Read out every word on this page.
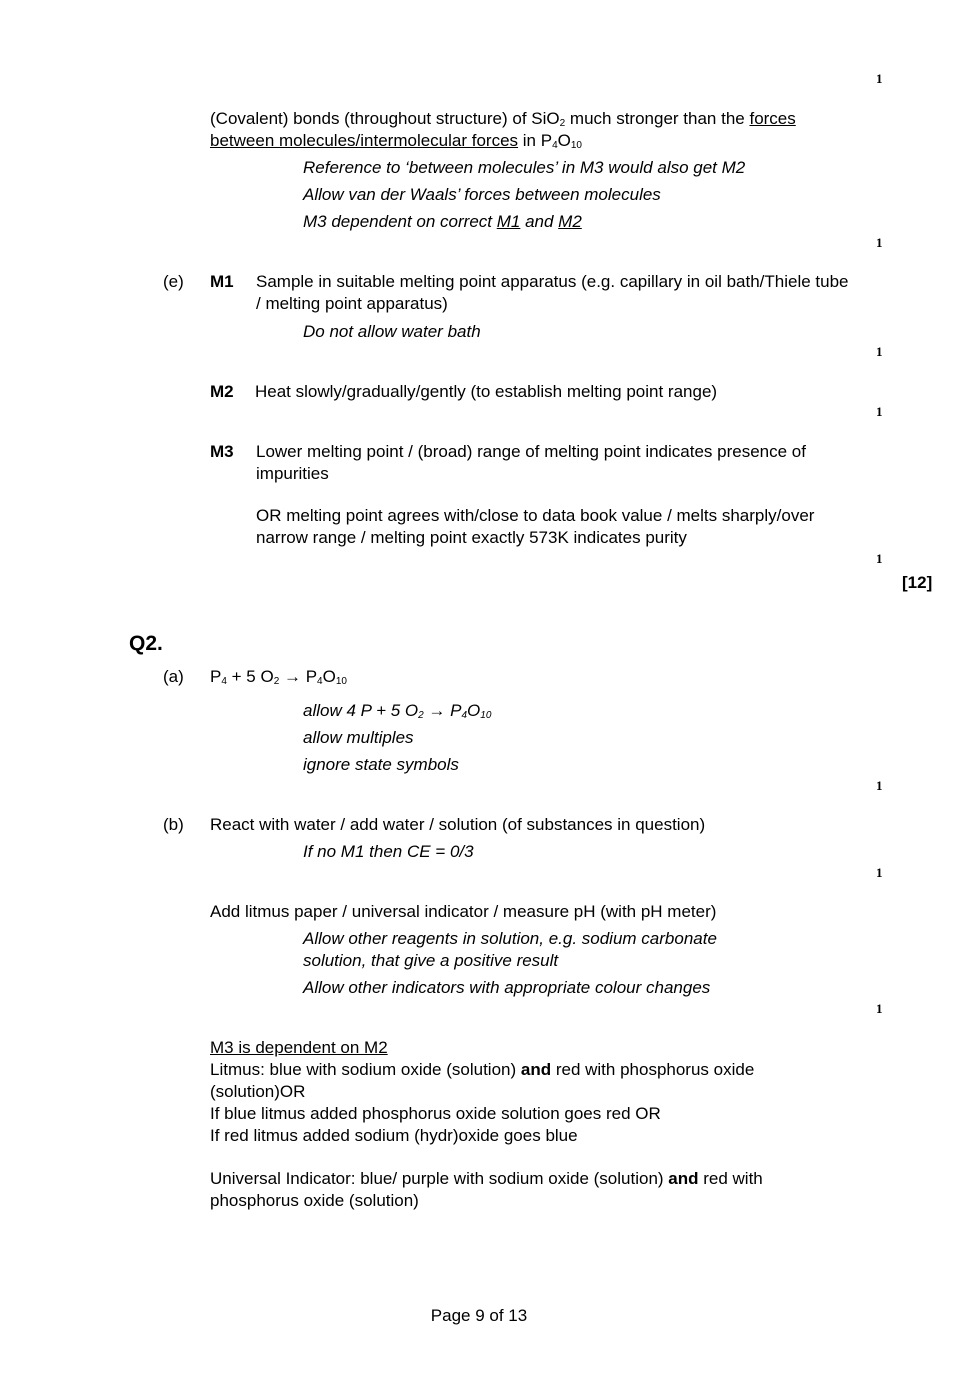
1
(Covalent) bonds (throughout structure) of SiO$_2$ much stronger than the forces between molecules/intermolecular forces in $P_4O_{10}$
Reference to ‘between molecules’ in M3 would also get M2
Allow van der Waals’ forces between molecules
M3 dependent on correct M1 and M2
1
(e) M1 Sample in suitable melting point apparatus (e.g. capillary in oil bath/Thiele tube / melting point apparatus)
Do not allow water bath
1
M2 Heat slowly/gradually/gently (to establish melting point range)
1
M3 Lower melting point / (broad) range of melting point indicates presence of impurities
OR melting point agrees with/close to data book value / melts sharply/over narrow range / melting point exactly 573K indicates purity
1
[12]
Q2.
(a) $P_4 + 5$ $O_2 \to P_4O_{10}$
allow 4 P + 5 $O_2 \to P_4O_{10}$
allow multiples
ignore state symbols
1
(b) React with water / add water / solution (of substances in question)
If no M1 then CE = 0/3
1
Add litmus paper / universal indicator / measure pH (with pH meter)
Allow other reagents in solution, e.g. sodium carbonate solution, that give a positive result
Allow other indicators with appropriate colour changes
1
M3 is dependent on M2
Litmus: blue with sodium oxide (solution) and red with phosphorus oxide (solution)OR
If blue litmus added phosphorus oxide solution goes red OR
If red litmus added sodium (hydr)oxide goes blue
Universal Indicator: blue/ purple with sodium oxide (solution) and red with phosphorus oxide (solution)
Page 9 of 13
